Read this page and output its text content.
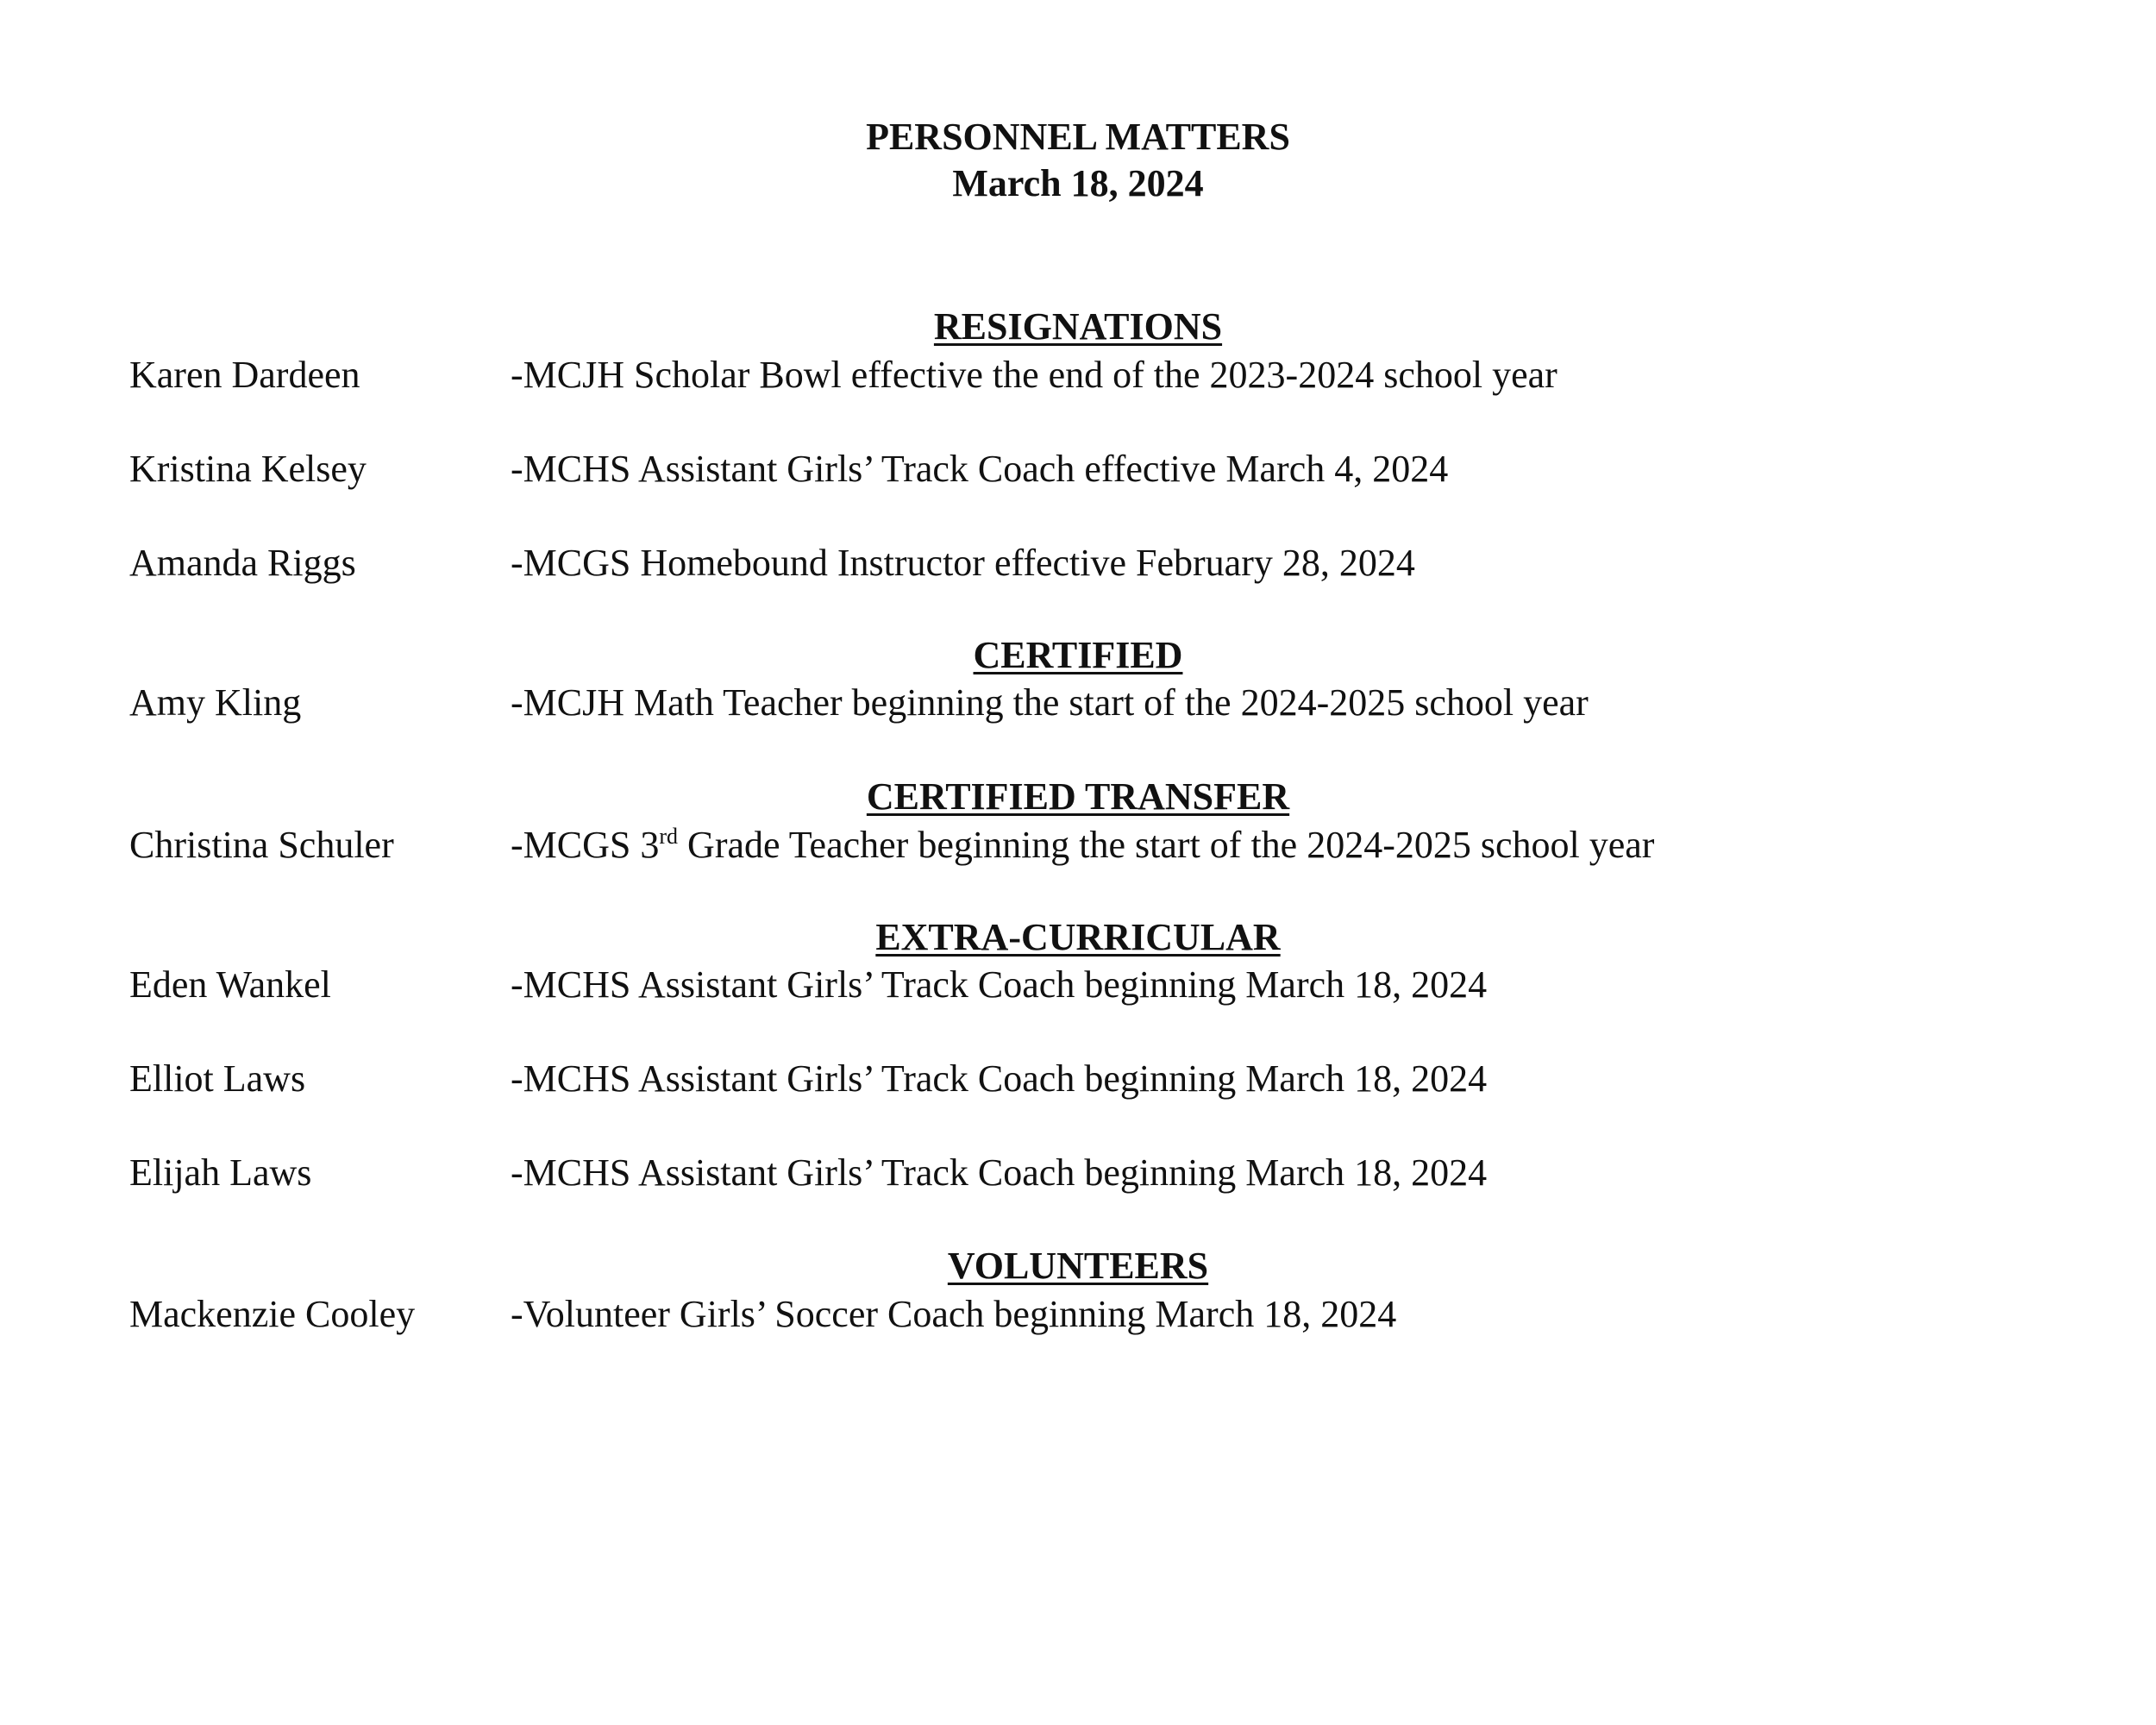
PERSONNEL MATTERS
March 18, 2024
RESIGNATIONS
Karen Dardeen	-MCJH Scholar Bowl effective the end of the 2023-2024 school year
Kristina Kelsey	-MCHS Assistant Girls’ Track Coach effective March 4, 2024
Amanda Riggs	-MCGS Homebound Instructor effective February 28, 2024
CERTIFIED
Amy Kling	-MCJH Math Teacher beginning the start of the 2024-2025 school year
CERTIFIED TRANSFER
Christina Schuler	-MCGS 3rd Grade Teacher beginning the start of the 2024-2025 school year
EXTRA-CURRICULAR
Eden Wankel	-MCHS Assistant Girls’ Track Coach beginning March 18, 2024
Elliot Laws	-MCHS Assistant Girls’ Track Coach beginning March 18, 2024
Elijah Laws	-MCHS Assistant Girls’ Track Coach beginning March 18, 2024
VOLUNTEERS
Mackenzie Cooley	-Volunteer Girls’ Soccer Coach beginning March 18, 2024
